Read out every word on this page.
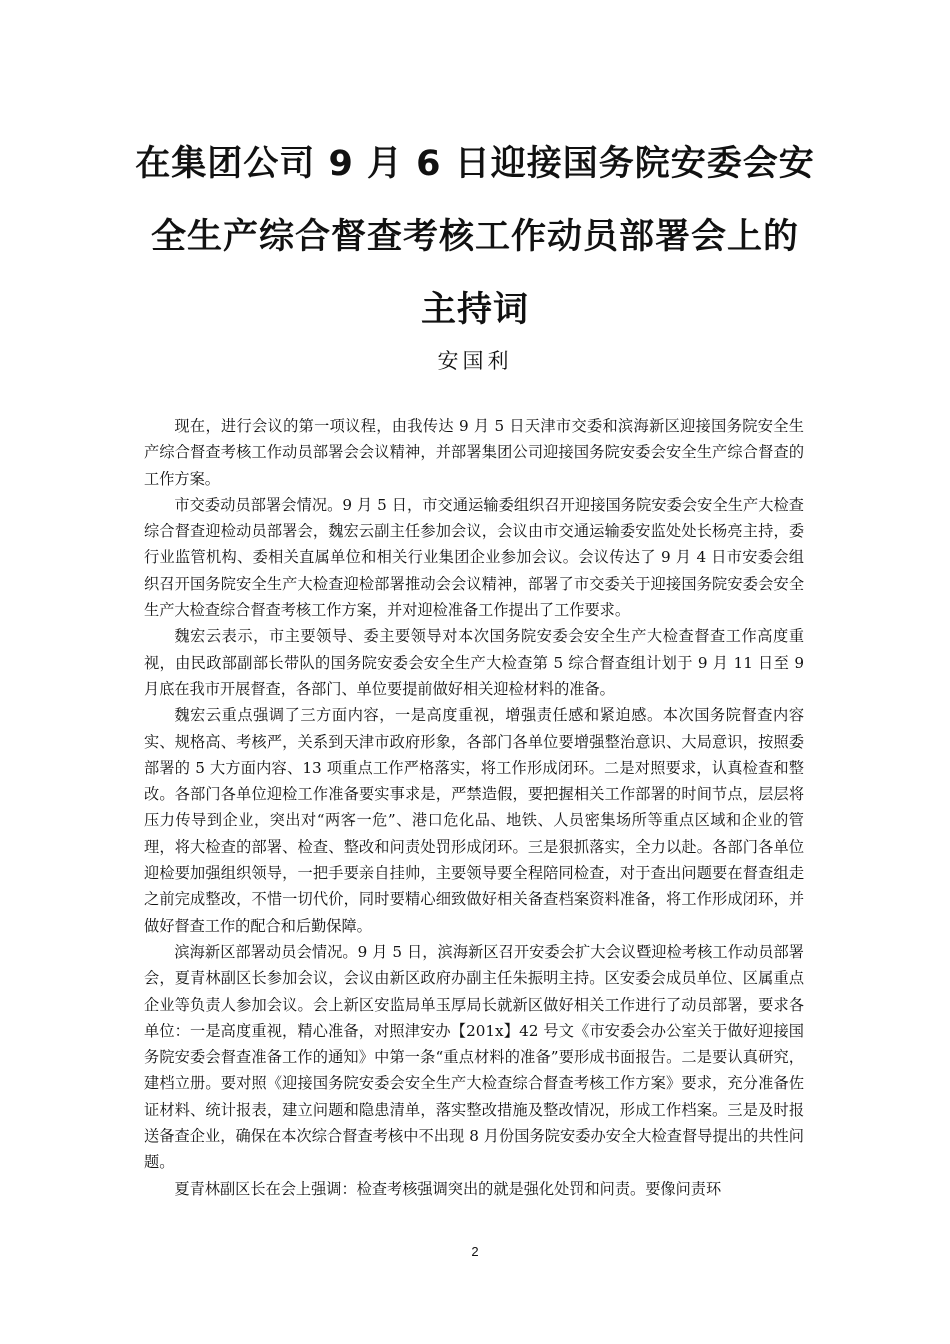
在集团公司 9 月 6 日迎接国务院安委会安
全生产综合督查考核工作动员部署会上的
主持词

安国利

现在，进行会议的第一项议程，由我传达 9 月 5 日天津市交委和滨海新区迎接国务院安全生产综合督查考核工作动员部署会会议精神，并部署集团公司迎接国务院安委会安全生产综合督查的工作方案。

市交委动员部署会情况。9 月 5 日，市交通运输委组织召开迎接国务院安委会安全生产大检查综合督查迎检动员部署会，魏宏云副主任参加会议，会议由市交通运输委安监处处长杨亮主持，委行业监管机构、委相关直属单位和相关行业集团企业参加会议。会议传达了 9 月 4 日市安委会组织召开国务院安全生产大检查迎检部署推动会会议精神，部署了市交委关于迎接国务院安委会安全生产大检查综合督查考核工作方案，并对迎检准备工作提出了工作要求。

魏宏云表示，市主要领导、委主要领导对本次国务院安委会安全生产大检查督查工作高度重视，由民政部副部长带队的国务院安委会安全生产大检查第 5 综合督查组计划于 9 月 11 日至 9 月底在我市开展督查，各部门、单位要提前做好相关迎检材料的准备。

魏宏云重点强调了三方面内容，一是高度重视，增强责任感和紧迫感。本次国务院督查内容实、规格高、考核严，关系到天津市政府形象，各部门各单位要增强整治意识、大局意识，按照委部署的 5 大方面内容、13 项重点工作严格落实，将工作形成闭环。二是对照要求，认真检查和整改。各部门各单位迎检工作准备要实事求是，严禁造假，要把握相关工作部署的时间节点，层层将压力传导到企业，突出对“两客一危”、港口危化品、地铁、人员密集场所等重点区域和企业的管理，将大检查的部署、检查、整改和问责处罚形成闭环。三是狠抓落实，全力以赴。各部门各单位迎检要加强组织领导，一把手要亲自挂帅，主要领导要全程陪同检查，对于查出问题要在督查组走之前完成整改，不惜一切代价，同时要精心细致做好相关备查档案资料准备，将工作形成闭环，并做好督查工作的配合和后勤保障。

滨海新区部署动员会情况。9 月 5 日，滨海新区召开安委会扩大会议暨迎检考核工作动员部署会，夏青林副区长参加会议，会议由新区政府办副主任朱振明主持。区安委会成员单位、区属重点企业等负责人参加会议。会上新区安监局单玉厚局长就新区做好相关工作进行了动员部署，要求各单位：一是高度重视，精心准备，对照津安办【201x】42 号文《市安委会办公室关于做好迎接国务院安委会督查准备工作的通知》中第一条“重点材料的准备”要形成书面报告。二是要认真研究，建档立册。要对照《迎接国务院安委会安全生产大检查综合督查考核工作方案》要求，充分准备佐证材料、统计报表，建立问题和隐患清单，落实整改措施及整改情况，形成工作档案。三是及时报送备查企业，确保在本次综合督查考核中不出现 8 月份国务院安委办安全大检查督导提出的共性问题。

夏青林副区长在会上强调：检查考核强调突出的就是强化处罚和问责。要像问责环

2
